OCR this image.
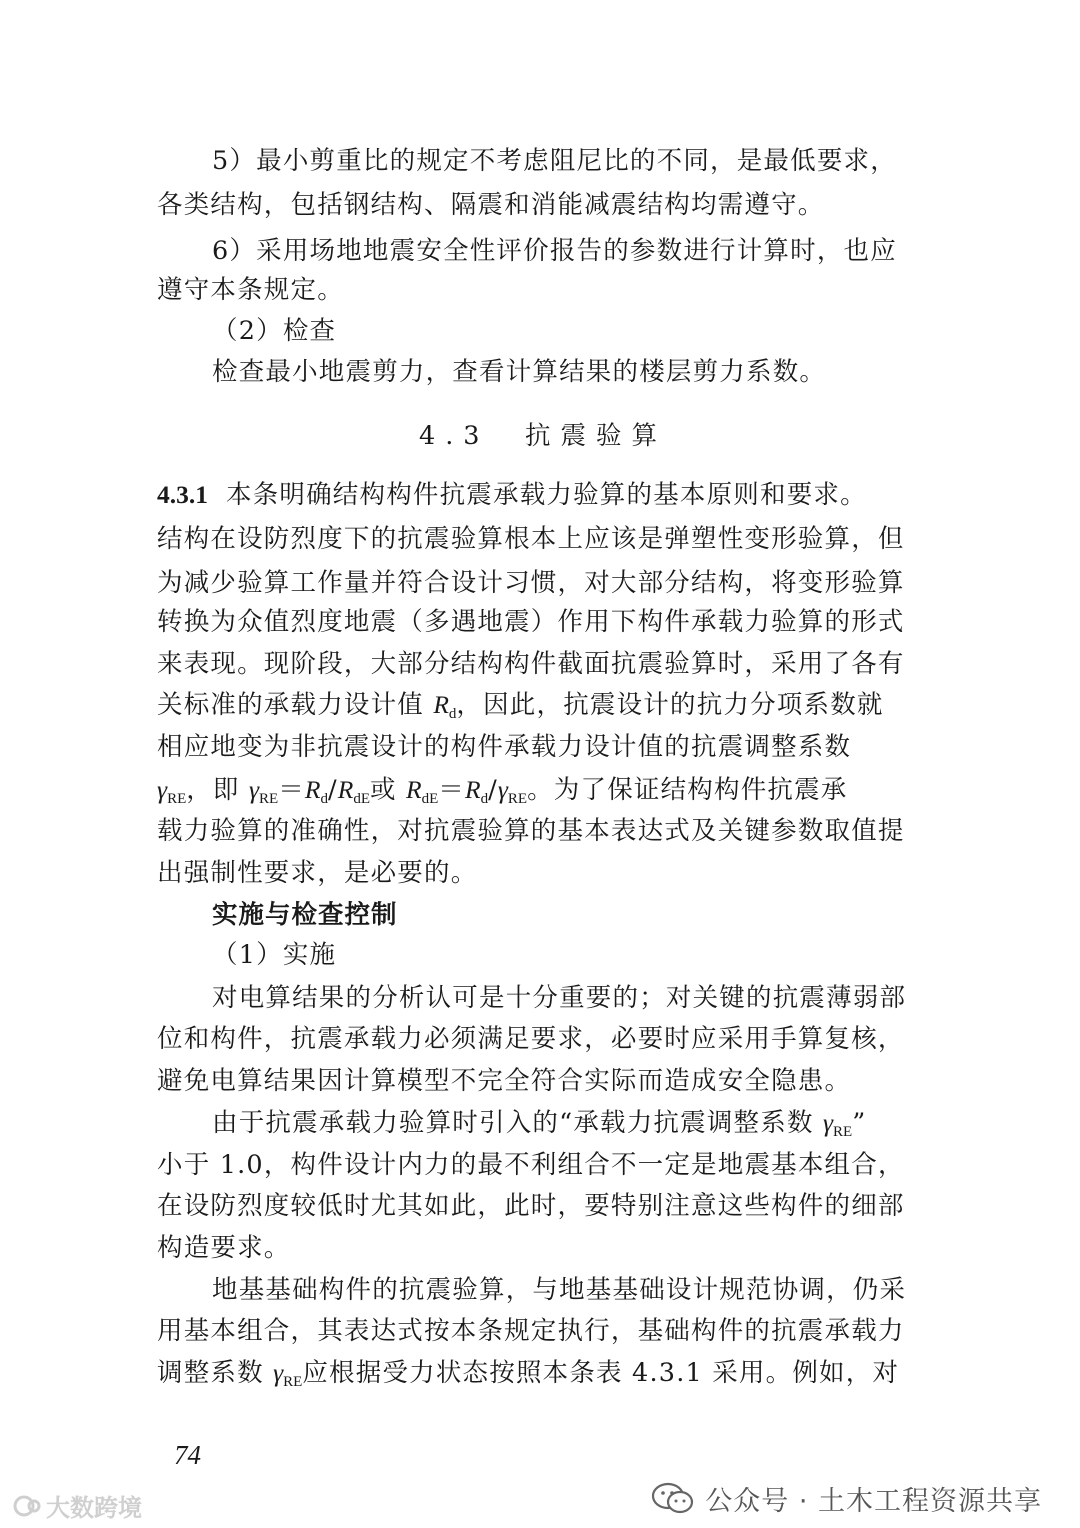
5）最小剪重比的规定不考虑阻尼比的不同，是最低要求，
各类结构，包括钢结构、隔震和消能减震结构均需遵守。
6）采用场地地震安全性评价报告的参数进行计算时，也应
遵守本条规定。
（2）检查
检查最小地震剪力，查看计算结果的楼层剪力系数。
4.3　抗震验算
4.3.1 本条明确结构构件抗震承载力验算的基本原则和要求。
结构在设防烈度下的抗震验算根本上应该是弹塑性变形验算，但
为减少验算工作量并符合设计习惯，对大部分结构，将变形验算
转换为众值烈度地震（多遇地震）作用下构件承载力验算的形式
来表现。现阶段，大部分结构构件截面抗震验算时，采用了各有
关标准的承载力设计值 $R_d$，因此，抗震设计的抗力分项系数就
相应地变为非抗震设计的构件承载力设计值的抗震调整系数
$\gamma_{RE}$，即 $\gamma_{RE}=R_d/R_{dE}$或 $R_{dE}=R_d/\gamma_{RE}$。为了保证结构构件抗震承
载力验算的准确性，对抗震验算的基本表达式及关键参数取值提
出强制性要求，是必要的。
实施与检查控制
（1）实施
对电算结果的分析认可是十分重要的；对关键的抗震薄弱部
位和构件，抗震承载力必须满足要求，必要时应采用手算复核，
避免电算结果因计算模型不完全符合实际而造成安全隐患。
由于抗震承载力验算时引入的“承载力抗震调整系数 $\gamma_{RE}$”
小于 1.0，构件设计内力的最不利组合不一定是地震基本组合，
在设防烈度较低时尤其如此，此时，要特别注意这些构件的细部
构造要求。
地基基础构件的抗震验算，与地基基础设计规范协调，仍采
用基本组合，其表达式按本条规定执行，基础构件的抗震承载力
调整系数 $\gamma_{RE}$应根据受力状态按照本条表 4.3.1 采用。例如，对
74
大数跨境	公众号 · 土木工程资源共享
